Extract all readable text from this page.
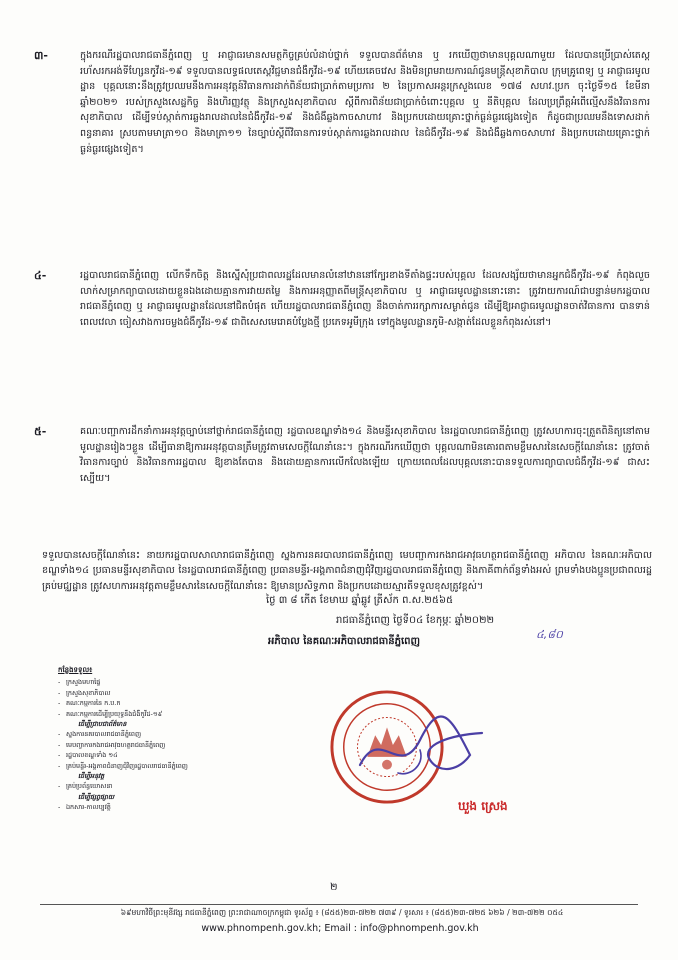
៣-	ក្នុងករណីរដ្ឋបាលរាជធានីភ្នំពេញ ឬ អាជ្ញាធរមានសមត្ថកិច្ចគ្រប់លំដាប់ថ្នាក់ ទទួលបានព័ត៌មាន ឬ រកឃើញថាមានបុគ្គលណាមួយ ដែលបានប្រើប្រាស់តេស្តរហ័សរកអង់ទីហ្សែនកូវីដ-១៩ ទទួលបានលទ្ធផលតេស្តវិជ្ជមានជំងឺកូវីដ-១៩ ហើយគេចវេស និងមិនព្រមរាយការណ៍ជូនមន្ត្រីសុខាភិបាល ក្រុមគ្រូពេទ្យ ឬ អាជ្ញាធរមូលដ្ឋាន បុគ្គលនោះនឹងត្រូវប្រឈមនឹងការអនុវត្តន៍វិធានការដាក់ពិន័យជាប្រាក់តាមប្រការ ២ នៃប្រកាសអន្តរក្រសួងលេខ ១៧៨ សហវ.ប្រក ចុះថ្ងៃទី១៥ ខែមីនា ឆ្នាំ២០២១ របស់ក្រសួងសេដ្ឋកិច្ច និងហិរញ្ញវត្ថុ និងក្រសួងសុខាភិបាល ស្តីពីការពិន័យជាប្រាក់ចំពោះបុគ្គល ឬ នីតិបុគ្គល ដែលប្រព្រឹត្តអំពើល្មើសនឹងវិធានការសុខាភិបាល ដើម្បីទប់ស្កាត់ការឆ្លងរាលដាលនៃជំងឺកូវីដ-១៩ និងជំងឺឆ្លងកាចសាហាវ និងប្រកបដោយគ្រោះថ្នាក់ធ្ងន់ធ្ងរផ្សេងទៀត ក៏ដូចជាប្រឈមនឹងទោសដាក់ពន្ធនាគារ ស្របតាមមាត្រា១០ និងមាត្រា១១ នៃច្បាប់ស្តីពីវិធានការទប់ស្កាត់ការឆ្លងរាលដាល នៃជំងឺកូវីដ-១៩ និងជំងឺឆ្លងកាចសាហាវ និងប្រកបដោយគ្រោះថ្នាក់ធ្ងន់ធ្ងរផ្សេងទៀត។

៤-	រដ្ឋបាលរាជធានីភ្នំពេញ លើកទឹកចិត្ត និងស្នើសុំប្រជាពលរដ្ឋដែលមានលំនៅឋាននៅក្បែរខាងទីតាំងផ្ទះរបស់បុគ្គល ដែលសង្ស័យថាមានអ្នកជំងឺកូវីដ-១៩ កំពុងលួចលាក់សម្រាកព្យាបាលដោយខ្លួនឯងដោយគ្មានការវាយតម្លៃ និងការអនុញ្ញាតពីមន្ត្រីសុខាភិបាល ឬ អាជ្ញាធរមូលដ្ឋាននោះនោះ ត្រូវរាយការណ៍ជាបន្ទាន់មករដ្ឋបាលរាជធានីភ្នំពេញ ឬ អាជ្ញាធរមូលដ្ឋានដែលនៅជិតបំផុត ហើយរដ្ឋបាលរាជធានីភ្នំពេញ នឹងចាត់ការរក្សាការសម្ងាត់ជូន ដើម្បីឱ្យអាជ្ញាធរមូលដ្ឋានចាត់វិធានការ បានទាន់ពេលវេលា ចៀសវាងការចម្លងជំងឺកូវីដ-១៩ ជាពិសេសមេរោគបំប្លែងថ្មី ប្រភេទអូមីក្រុង ទៅក្នុងមូលដ្ឋានភូមិ-សង្កាត់ដែលខ្លួនកំពុងរស់នៅ។

៥-	គណៈបញ្ជាការដឹកនាំការអនុវត្តច្បាប់នៅថ្នាក់រាជធានីភ្នំពេញ រដ្ឋបាលខណ្ឌទាំង១៤ និងមន្ទីរសុខាភិបាល នៃរដ្ឋបាលរាជធានីភ្នំពេញ ត្រូវសហការចុះត្រួតពិនិត្យនៅតាមមូលដ្ឋានរៀងៗខ្លួន ដើម្បីធានាឱ្យការអនុវត្តបានត្រឹមត្រូវតាមសេចក្តីណែនាំនេះ។ ក្នុងករណីរកឃើញថា បុគ្គលណាមិនគោរពតាមខ្លឹមសារនៃសេចក្តីណែនាំនេះ ត្រូវចាត់វិធានការច្បាប់ និងវិធានការរដ្ឋបាល ឱ្យខាងតែបាន និងដោយគ្មានការលើកលែងឡើយ ក្រោយពេលដែលបុគ្គលនោះបានទទួលការព្យាបាលជំងឺកូវីដ-១៩ ជាសះស្បើយ។

ទទួលបានសេចក្តីណែនាំនេះ នាយករដ្ឋបាលសាលារាជធានីភ្នំពេញ ស្នងការនគរបាលរាជធានីភ្នំពេញ មេបញ្ជាការកងរាជអាវុធហត្ថរាជធានីភ្នំពេញ អភិបាល នៃគណៈអភិបាលខណ្ឌទាំង១៤ ប្រធានមន្ទីរសុខាភិបាល នៃរដ្ឋបាលរាជធានីភ្នំពេញ ប្រធានមន្ទីរ-អង្គភាពជំនាញជុំវិញរដ្ឋបាលរាជធានីភ្នំពេញ និងភាគីពាក់ព័ន្ធទាំងអស់ ព្រមទាំងបងប្អូនប្រជាពលរដ្ឋគ្រប់មជ្ឈដ្ឋាន ត្រូវសហការអនុវត្តតាមខ្លឹមសារនៃសេចក្តីណែនាំនេះ ឱ្យមានប្រសិទ្ធភាព និងប្រកបដោយស្មារតីទទួលខុសត្រូវខ្ពស់។

ថ្ងៃ ៣ ៨ កើត ខែមាឃ ឆ្នាំឆ្លូវ ត្រីស័ក ព.ស.២៥៦៥
រាជធានីភ្នំពេញ ថ្ងៃទី០៤ ខែកុម្ភៈ ឆ្នាំ២០២២
អភិបាល នៃគណៈអភិបាលរាជធានីភ្នំពេញ
៤,៨០
កន្លែងទទួល៖
- ក្រសួងមហាផ្ទៃ
- ក្រសួងសុខាភិបាល
- គណៈកម្មការនៃ ក.ប.ក
- គណៈកម្មការដើម្បីប្រយុទ្ធនឹងជំងឺកូវីដ-១៩
ដើម្បីជ្រាបជាព័ត៌មាន
- ស្នងការនគរបាលរាជធានីភ្នំពេញ
- មេបញ្ជាការកងរាជអាវុធហត្ថរាជធានីភ្នំពេញ
- រដ្ឋបាលខណ្ឌទាំង ១៤
- គ្រប់មន្ទីរ-អង្គភាពជំនាញជុំវិញរដ្ឋបាលរាជធានីភ្នំពេញ
ដើម្បីអនុវត្ត
- គ្រប់ប្រព័ន្ធឃោសនា
ដើម្បីផ្សព្វផ្សាយ
- ឯកសារ-កាលប្បវត្តិ	ឃួង ស្រេង
២
៦៩មហាវិថីព្រះមុនីវង្ស រាជធានីភ្នំពេញ ព្រះរាជាណាចក្រកម្ពុជា ទូរស័ព្ទ ៖ (៨៥៥)២៣-៧២២ ៧៣៩ / ទូរសារ ៖ (៨៥៥)២៣-៧២៥ ៦២៦ / ២៣-៧២២ ០៥៤
www.phnompenh.gov.kh; Email : info@phnompenh.gov.kh
